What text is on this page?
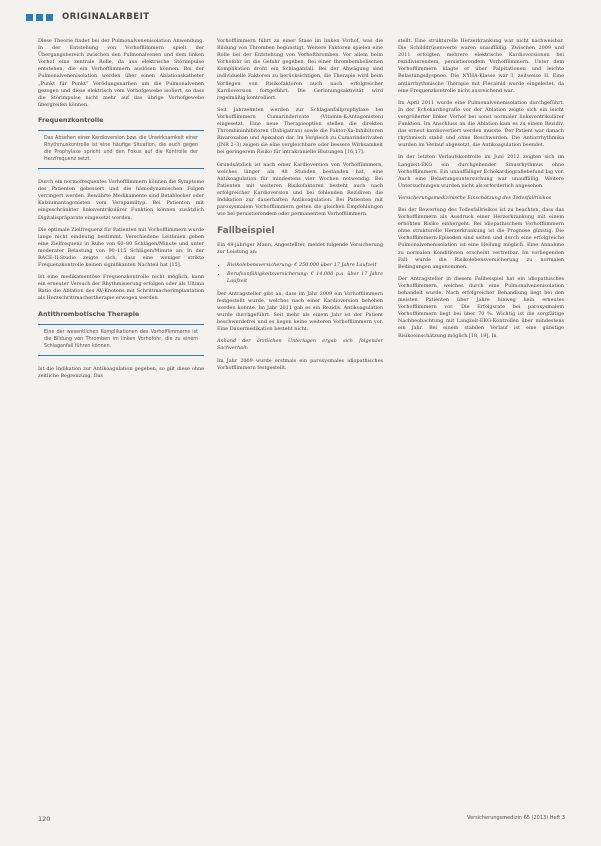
ORIGINALARBEIT

Diese Theorie findet bei der Pulmonalvenenisolation Anwendung. In der Entstehung von Vorhofflimmern spielt der Übergangsbereich zwischen den Pulmonalvenen und dem linken Vorhof eine zentrale Rolle, da aus elektrische Störimpulse entstehen, die ein Vorhofflimmern auslösen können. Bei der Pulmonalvenenisolation werden über einen Ablationskatheter „Punkt für Punkt“ Verödungsnarben um die Pulmonalvenen gezogen und diese elektrisch vom Vorhofgewebe isoliert, so dass die Störimpulse nicht mehr auf das übrige Vorhofgewebe übergreifen können.

Frequenzkontrolle
Das Absehen einer Kardioversion bzw. die Unwirksamkeit einer Rhythmuskontrolle ist eine häufige Situation, die auch gegen die Prophylaxe spricht und den Fokus auf die Kontrolle der Herzfrequenz setzt.

Durch ein normofrequentes Vorhofflimmern können die Symptome des Patienten gebessert und die hämodynamischen Folgen verringert werden. Bewährte Medikamente sind Betablocker oder Kalziumantagonisten vom Verapamiltyp. Bei Patienten mit eingeschränkter linksventrikulärer Funktion können zusätzlich Digitalispräparate eingesetzt werden.

Die optimale Zielfrequenz für Patienten mit Vorhofflimmern wurde lange nicht eindeutig bestimmt. Verschiedene Leitlinien geben eine Zielfrequenz in Ruhe von 60–80 Schlägen/Minute und unter moderater Belastung von 90–115 Schlägen/Minute an. In der RACE-II-Studie zeigte sich, dass eine weniger strikte Frequenzkontrolle keinen signifikanten Nachteil hat [15].

Ist eine medikamentöse Frequenzkontrolle nicht möglich, kann ein erneuter Versuch der Rhythmisierung erfolgen oder als Ultima Ratio die Ablation des AV-Knotens mit Schrittmacherimplantation als Herzschrittmachertherapie erwogen werden.

Antithrombotische Therapie
Eine der wesentlichen Komplikationen des Vorhofflimmerns ist die Bildung von Thromben im linken Vorhofohr, die zu einem Schlaganfall führen können.

Ist die Indikation zur Antikoagulation gegeben, so gilt diese ohne zeitliche Begrenzung. Das

Vorhofflimmern führt zu einer Stase im linken Vorhof, was die Bildung von Thromben begünstigt. Weitere Faktoren spielen eine Rolle bei der Entstehung von Vorhofthromben. Vor allem beim Vorhofohr ist die Gefahr gegeben. Bei einer thrombembolischen Komplikation droht ein Schlaganfall. Bei der Abwägung sind individuelle Faktoren zu berücksichtigen, die Therapie wird beim Vorliegen von Risikofaktoren auch nach erfolgreicher Kardioversion fortgeführt. Die Gerinnungsaktivität wird regelmäßig kontrolliert.

Seit Jahrzehnten werden zur Schlaganfallprophylaxe bei Vorhofflimmern Cumarinderivate (Vitamin-K-Antagonisten) eingesetzt. Eine neue Therapieoption stellen die direkten Thrombininhibitoren (Dabigatran) sowie die Faktor-Xa-Inhibitoren Rivaroxaban und Apixaban dar. Im Vergleich zu Cumarinderivaten (INR 2–3) zeigen sie eine vergleichbare oder bessere Wirksamkeit bei geringerem Risiko für intrakranielle Blutungen [16,17].

Grundsätzlich ist nach einer Kardioversion von Vorhofflimmern, welches länger als 48 Stunden bestanden hat, eine Antikoagulation für mindestens vier Wochen notwendig. Bei Patienten mit weiteren Risikofaktoren besteht auch nach erfolgreicher Kardioversion und bei fehlenden Rezidiven die Indikation zur dauerhaften Antikoagulation. Bei Patienten mit paroxysmalem Vorhofflimmern gelten die gleichen Empfehlungen wie bei persistierendem oder permanentem Vorhofflimmern.

Fallbeispiel

Ein 48-jähriger Mann, Angestellter, meldet folgende Versicherung zur Leistung an:

• Risikolebensversicherung: € 250.000 über 17 Jahre Laufzeit
• Berufsunfähigkeitsversicherung: € 14.000 p.a. über 17 Jahre Laufzeit

Der Antragsteller gibt an, dass im Jahr 2009 ein Vorhofflimmern festgestellt wurde, welches nach einer Kardioversion behoben werden konnte. Im Jahr 2011 gab es ein Rezidiv. Antikoagulation wurde durchgeführt. Seit mehr als einem Jahr ist der Patient beschwerdefrei und es liegen keine weiteren Vorhofflimmern vor. Eine Dauermedikation besteht nicht.

Anhand der ärztlichen Unterlagen ergab sich folgender Sachverhalt:

Im Jahr 2009 wurde erstmals ein paroxysmales idiopathisches Vorhofflimmern festgestellt.

stellt. Eine strukturelle Herzerkrankung war nicht nachweisbar. Die Schilddrüsenwerte waren unauffällig. Zwischen 2009 und 2011 erfolgten mehrere elektrische Kardioversionen bei rezidivierendem, persistierendem Vorhofflimmern. Unter dem Vorhofflimmern klagte er über Palpitationen und leichte Belastungsdyspnoe. Die NYHA-Klasse war I, zeitweise II. Eine antiarrhythmische Therapie mit Flecainid wurde eingeleitet, da eine Frequenzkontrolle nicht ausreichend war.

Im April 2011 wurde eine Pulmonalvenenisolation durchgeführt. In der Echokardiografie vor der Ablation zeigte sich ein leicht vergrößerter linker Vorhof bei sonst normaler linksventrikulärer Funktion. Im Anschluss an die Ablation kam es zu einem Rezidiv, das erneut kardiovertiert werden musste. Der Patient war danach rhythmisch stabil und ohne Beschwerden. Die Antiarrhythmika wurden im Verlauf abgesetzt, die Antikoagulation beendet.

In der letzten Verlaufskontrolle im Juni 2012 zeigten sich im Langzeit-EKG ein durchgehender Sinusrhythmus ohne Vorhofflimmern. Ein unauffälliger Echokardiografiebefund lag vor. Auch eine Belastungsuntersuchung war unauffällig. Weitere Untersuchungen wurden nicht als erforderlich angesehen.

Versicherungsmedizinische Einschätzung des Todesfallrisikos

Bei der Bewertung des Todesfallrisikos ist zu beachten, dass das Vorhofflimmern als Ausdruck einer Herzerkrankung mit einem erhöhten Risiko einhergeht. Bei idiopathischem Vorhofflimmern ohne strukturelle Herzerkrankung ist die Prognose günstig. Die Vorhofflimmern-Episoden sind selten und durch eine erfolgreiche Pulmonalvenenisolation ist eine Heilung möglich. Eine Annahme zu normalen Konditionen erscheint vertretbar. Im vorliegenden Fall wurde die Risikolebensversicherung zu normalen Bedingungen angenommen.

Der Antragsteller in diesem Fallbeispiel hat ein idiopathisches Vorhofflimmern, welches durch eine Pulmonalvenenisolation behandelt wurde. Nach erfolgreicher Behandlung liegt bei den meisten Patienten über Jahre hinweg kein erneutes Vorhofflimmern vor. Die Erfolgsrate bei paroxysmalem Vorhofflimmern liegt bei über 70 %. Wichtig ist die sorgfältige Nachbeobachtung mit Langzeit-EKG-Kontrollen über mindestens ein Jahr. Bei einem stabilen Verlauf ist eine günstige Risikoeinschätzung möglich [18, 19]. In

120	Versicherungsmedizin 65 (2013) Heft 3
